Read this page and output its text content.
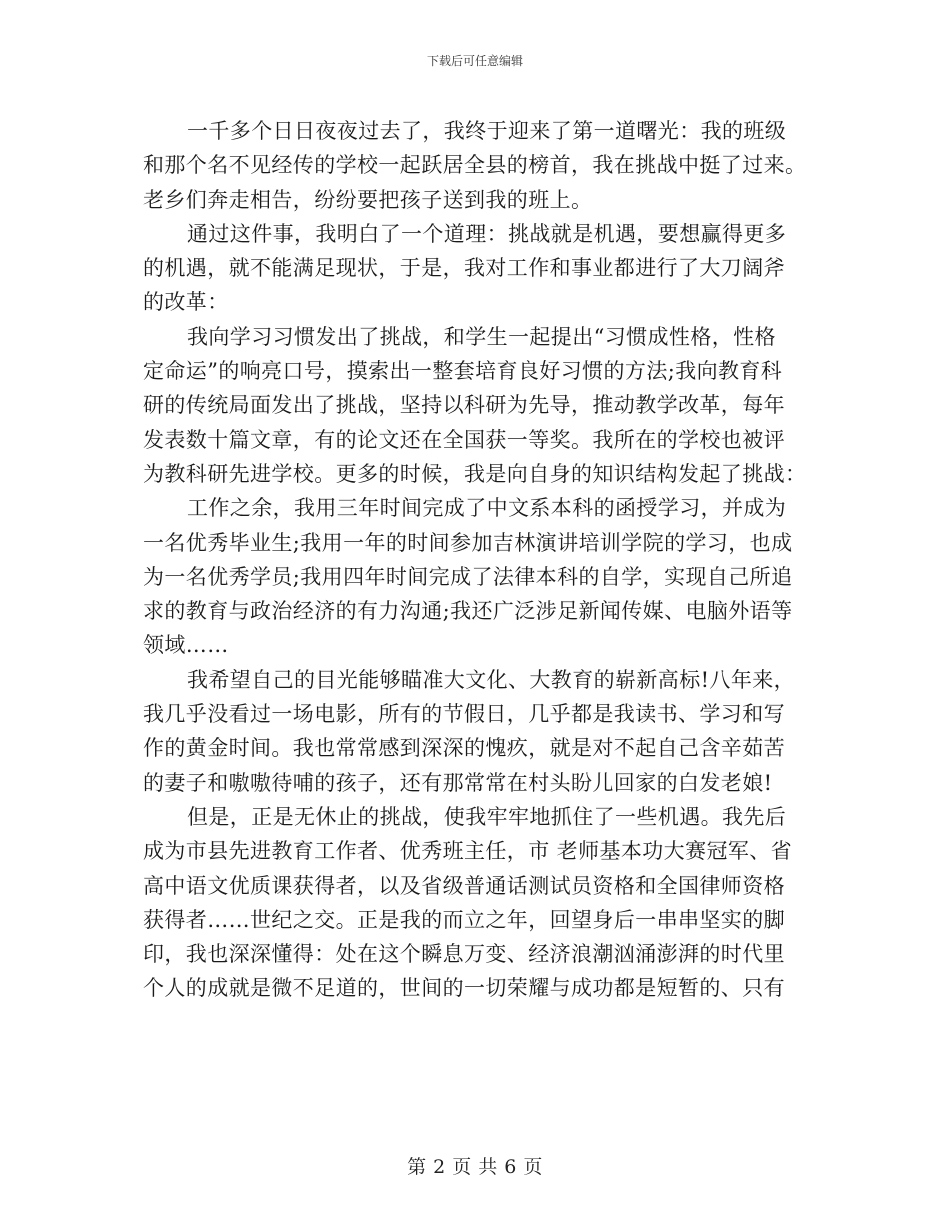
下载后可任意编辑
一千多个日日夜夜过去了，我终于迎来了第一道曙光：我的班级
和那个名不见经传的学校一起跃居全县的榜首，我在挑战中挺了过来。
老乡们奔走相告，纷纷要把孩子送到我的班上。
通过这件事，我明白了一个道理：挑战就是机遇，要想赢得更多
的机遇，就不能满足现状，于是，我对工作和事业都进行了大刀阔斧
的改革：
我向学习习惯发出了挑战，和学生一起提出“习惯成性格，性格
定命运”的响亮口号，摸索出一整套培育良好习惯的方法;我向教育科
研的传统局面发出了挑战，坚持以科研为先导，推动教学改革，每年
发表数十篇文章，有的论文还在全国获一等奖。我所在的学校也被评
为教科研先进学校。更多的时候，我是向自身的知识结构发起了挑战：
工作之余，我用三年时间完成了中文系本科的函授学习，并成为
一名优秀毕业生;我用一年的时间参加吉林演讲培训学院的学习，也成
为一名优秀学员;我用四年时间完成了法律本科的自学，实现自己所追
求的教育与政治经济的有力沟通;我还广泛涉足新闻传媒、电脑外语等
领域……
我希望自己的目光能够瞄准大文化、大教育的崭新高标!八年来，
我几乎没看过一场电影，所有的节假日，几乎都是我读书、学习和写
作的黄金时间。我也常常感到深深的愧疚，就是对不起自己含辛茹苦
的妻子和嗷嗷待哺的孩子，还有那常常在村头盼儿回家的白发老娘!
但是，正是无休止的挑战，使我牢牢地抓住了一些机遇。我先后
成为市县先进教育工作者、优秀班主任，市 老师基本功大赛冠军、省
高中语文优质课获得者，以及省级普通话测试员资格和全国律师资格
获得者……世纪之交。正是我的而立之年，回望身后一串串坚实的脚
印，我也深深懂得：处在这个瞬息万变、经济浪潮汹涌澎湃的时代里
个人的成就是微不足道的，世间的一切荣耀与成功都是短暂的、只有
第 2 页 共 6 页
